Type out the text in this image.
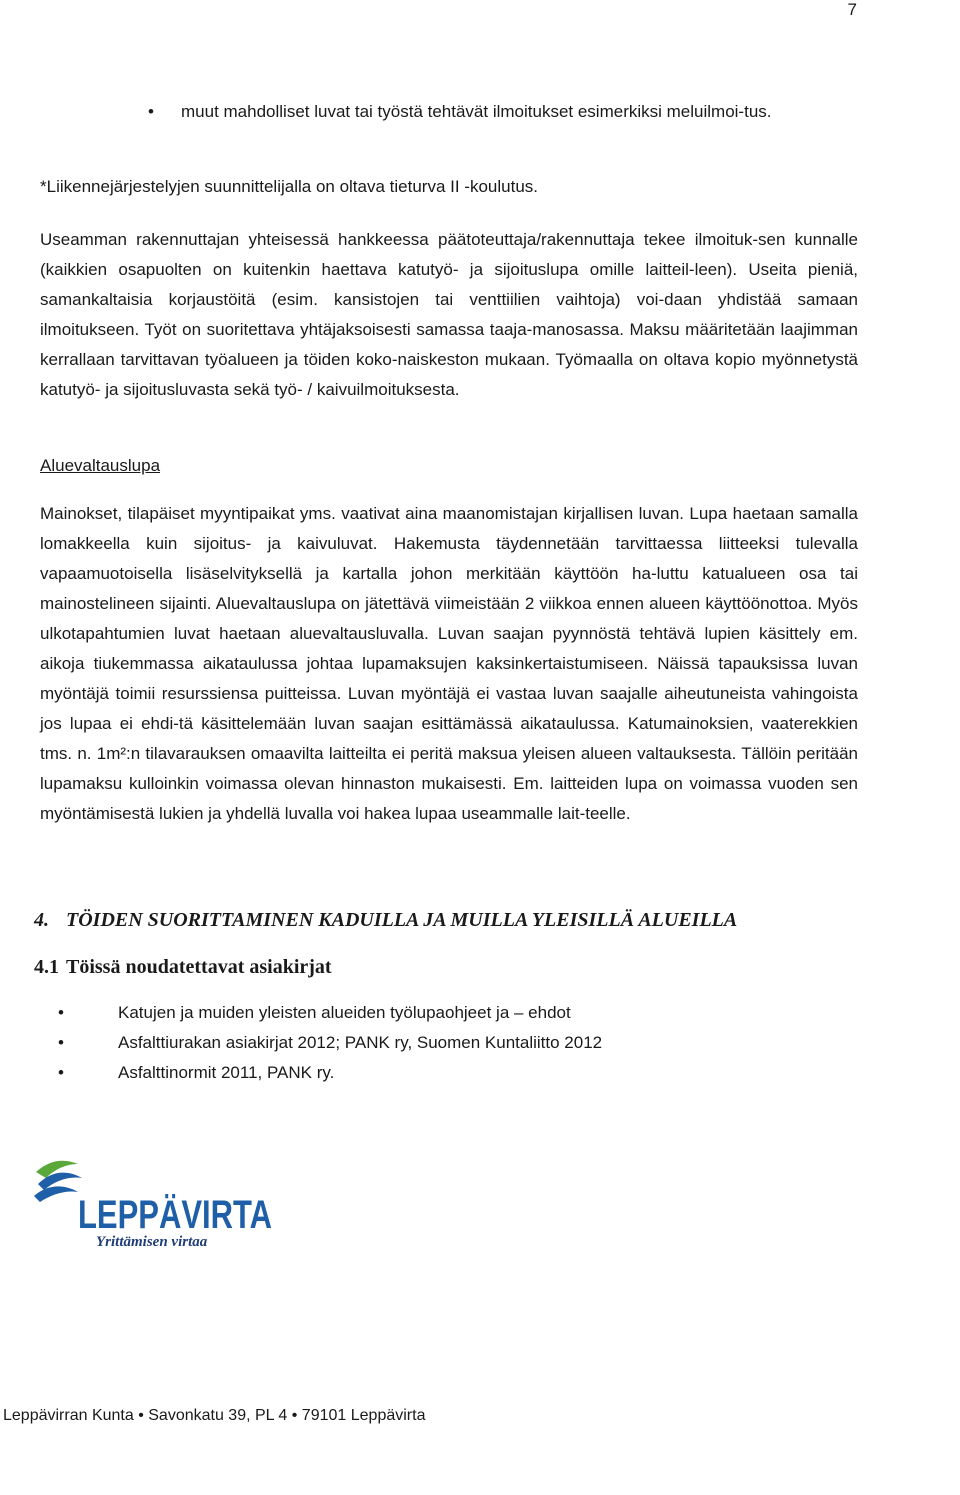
7
• muut mahdolliset luvat tai työstä tehtävät ilmoitukset esimerkiksi meluilmoi-tus.

*Liikennejärjestelyjen suunnittelijalla on oltava tieturva II -koulutus.

Useamman rakennuttajan yhteisessä hankkeessa päätoteuttaja/rakennuttaja tekee ilmoituk-sen kunnalle (kaikkien osapuolten on kuitenkin haettava katutyö- ja sijoituslupa omille laitteil-leen). Useita pieniä, samankaltaisia korjaustöitä (esim. kansistojen tai venttiilien vaihtoja) voi-daan yhdistää samaan ilmoitukseen. Työt on suoritettava yhtäjaksoisesti samassa taaja-manosassa. Maksu määritetään laajimman kerrallaan tarvittavan työalueen ja töiden koko-naiskeston mukaan. Työmaalla on oltava kopio myönnetystä katutyö- ja sijoitusluvasta sekä työ- / kaivuilmoituksesta.

Aluevaltauslupa

Mainokset, tilapäiset myyntipaikat yms. vaativat aina maanomistajan kirjallisen luvan. Lupa haetaan samalla lomakkeella kuin sijoitus- ja kaivuluvat. Hakemusta täydennetään tarvittaessa liitteeksi tulevalla vapaamuotoisella lisäselvityksellä ja kartalla johon merkitään käyttöön ha-luttu katualueen osa tai mainostelineen sijainti. Aluevaltauslupa on jätettävä viimeistään 2 viikkoa ennen alueen käyttöönottoa. Myös ulkotapahtumien luvat haetaan aluevaltausluvalla. Luvan saajan pyynnöstä tehtävä lupien käsittely em. aikoja tiukemmassa aikataulussa johtaa lupamaksujen kaksinkertaistumiseen. Näissä tapauksissa luvan myöntäjä toimii resurssiensa puitteissa. Luvan myöntäjä ei vastaa luvan saajalle aiheutuneista vahingoista jos lupaa ei ehdi-tä käsittelemään luvan saajan esittämässä aikataulussa. Katumainoksien, vaaterekkien tms. n. 1m²:n tilavarauksen omaavilta laitteilta ei peritä maksua yleisen alueen valtauksesta. Tällöin peritään lupamaksu kulloinkin voimassa olevan hinnaston mukaisesti. Em. laitteiden lupa on voimassa vuoden sen myöntämisestä lukien ja yhdellä luvalla voi hakea lupaa useammalle lait-teelle.

4. TÖIDEN SUORITTAMINEN KADUILLA JA MUILLA YLEISILLÄ ALUEILLA
4.1 Töissä noudatettavat asiakirjat
•	Katujen ja muiden yleisten alueiden työlupaohjeet ja – ehdot
•	Asfalttiurakan asiakirjat 2012; PANK ry, Suomen Kuntaliitto 2012
•	Asfalttinormit 2011, PANK ry.
LEPPÄVIRTA
Yrittämisen virtaa
Leppävirran Kunta • Savonkatu 39, PL 4 • 79101 Leppävirta
